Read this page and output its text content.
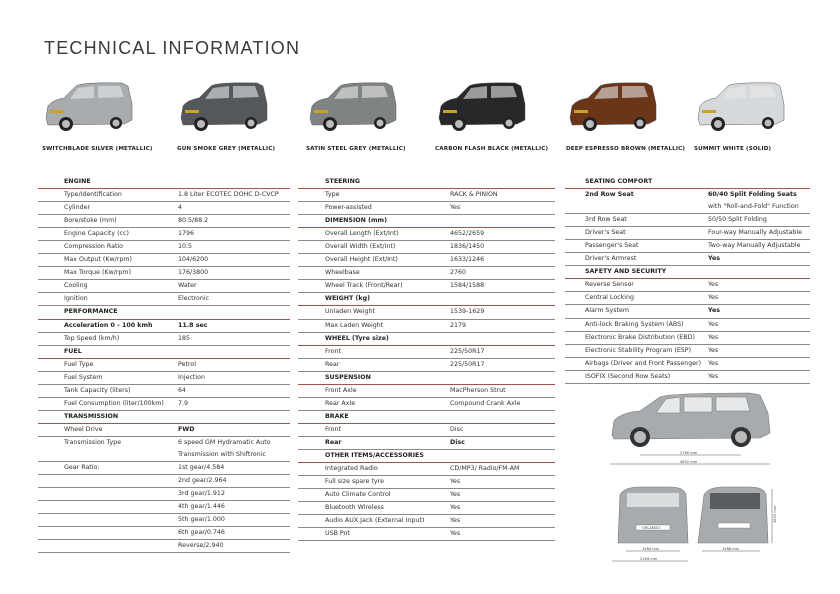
TECHNICAL INFORMATION
SWITCHBLADE SILVER (METALLIC)	GUN SMOKE GREY (METALLIC)	SATIN STEEL GREY (METALLIC)	CARBON FLASH BLACK (METALLIC)	DEEP ESPRESSO BROWN (METALLIC) SUMMIT WHITE (SOLID)
ENGINE
Type/Identification	1.8 Liter ECOTEC DOHC D-CVCP
Cylinder	4
Bore/stoke (mm)	80.5/88.2
Engine Capacity (cc)	1796
Compression Ratio	10.5
Max Output (Kw/rpm)	104/6200
Max Torque (Kw/rpm)	176/3800
Cooling	Water
Ignition	Electronic
PERFORMANCE
Acceleration 0 - 100 kmh	11.8 sec
Top Speed (km/h)	185
FUEL
Fuel Type	Petrol
Fuel System	Injection
Tank Capacity (liters)	64
Fuel Consumption (liter/100km) 7.9
TRANSMISSION
Wheel Drive	FWD
Transmission Type	6 speed GM Hydramatic Auto
Transmission with Shiftronic
Gear Ratio:	1st gear/4.584
2nd gear/2.964
3rd gear/1.912
4th gear/1.446
5th gear/1.000
6th gear/0.746
Reverse/2.940
STEERING
Type	RACK & PINION
Power-assisted	Yes
DIMENSION (mm)
Overall Length (Ext/Int)	4652/2659
Overall Width (Ext/Int)	1836/1450
Overall Height (Ext/Int)	1633/1246
Wheelbase	2760
Wheel Track (Front/Rear)	1584/1588
WEIGHT (kg)
Unladen Weight	1539-1629
Max Laden Weight	2179
WHEEL (Tyre size)
Front	225/50R17
Rear	225/50R17
SUSPENSION
Front Axle	MacPherson Strut
Rear Axle	Compound Crank Axle
BRAKE
Front	Disc
Rear	Disc
OTHER ITEMS/ACCESSORIES
Integrated Radio	CD/MP3/ Radio/FM-AM
Full size spare tyre	Yes
Auto Climate Control	Yes
Bluetooth Wireless	Yes
Audio AUX Jack (External Input)	Yes
USB Pot	Yes
SEATING COMFORT
2nd Row Seat	60/40 Split Folding Seats
with "Roll-and-Fold" Function
3rd Row Seat	50/50 Split Folding
Driver's Seat	Four-way Manually Adjustable
Passenger's Seat	Two-way Manually Adjustable
Driver's Armrest	Yes
SAFETY AND SECURITY
Reverse Sensor	Yes
Central Locking	Yes
Alarm System	Yes
Anti-lock Braking System (ABS)	Yes
Electronic Brake Distribution (EBD) Yes
Electronic Stability Program (ESP)	Yes
Airbags (Driver and Front Passenger) Yes
ISOFIX (Second Row Seats)	Yes
2760 mm
4652 mm
ORLANDO
1584 mm
2164 mm
1588 mm
1633 mm
